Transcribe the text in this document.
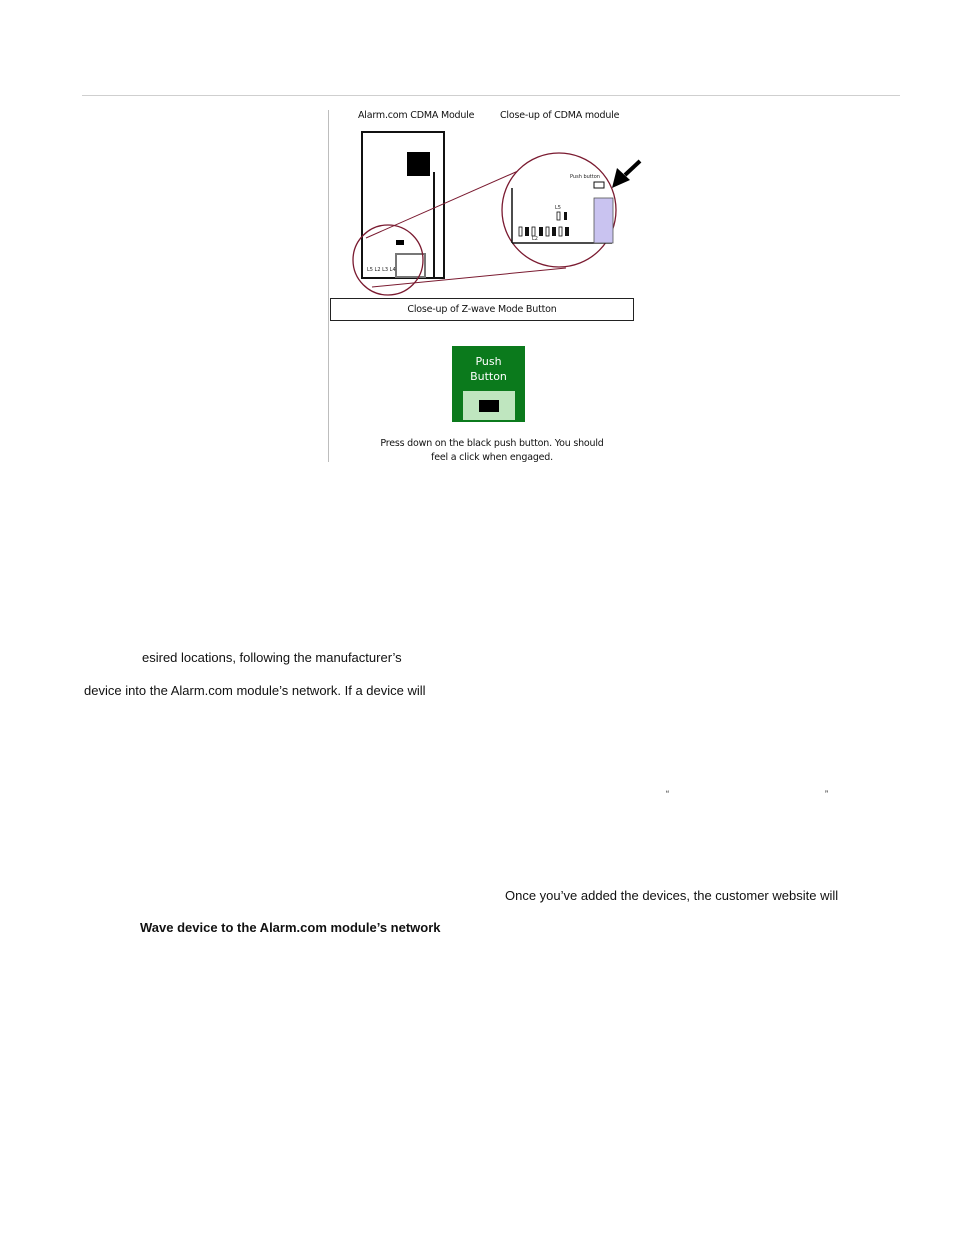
Alarm.com CDMA Module	Close-up of CDMA module
L5 L2 L3 L4
Push button
L5
L2
Close-up of Z-wave Mode Button
Push
Button
Press down on the black push button. You should
feel a click when engaged.
esired locations, following the manufacturer’s
device into the Alarm.com module’s network. If a device will
“	”
Once you’ve added the devices, the customer website will
Wave device to the Alarm.com module’s network
